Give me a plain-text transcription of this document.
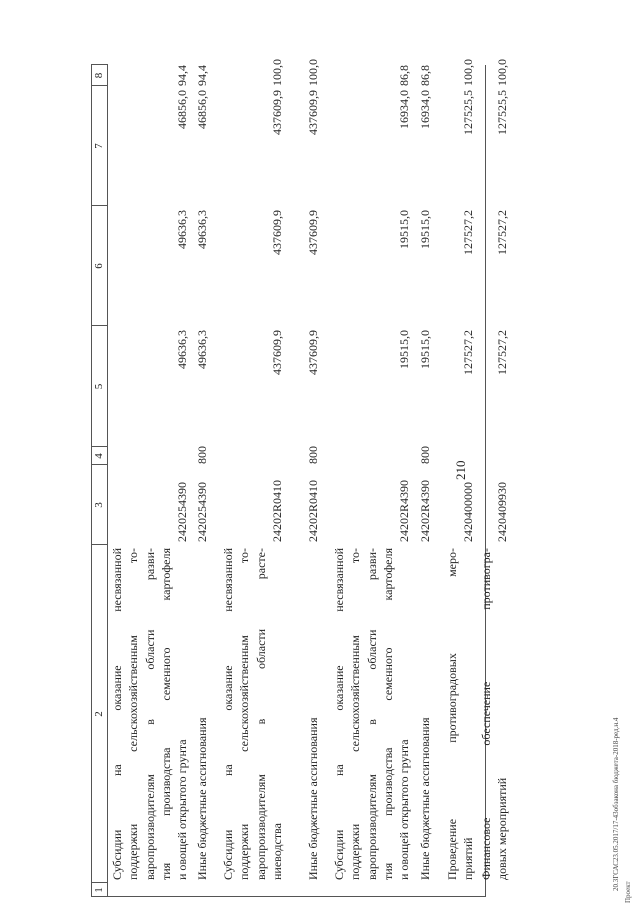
210
20.3ГСАС23.05.2017/17-43обзакона бюджета-2018-ред.н.4
Проект
1
2
3
4
5
6
7
8
Субсидии на оказание несвязанной поддержки сельскохозяйственным то- варопроизводителям в области разви- тия производства семенного картофеля и овощей открытого грунта
2420254390
49636,3
49636,3
46856,0
94,4
Иные бюджетные ассигнования
2420254390
800
49636,3
49636,3
46856,0
94,4
Субсидии на оказание несвязанной поддержки сельскохозяйственным то- варопроизводителям в области расте- ниеводства
24202R0410
437609,9
437609,9
437609,9
100,0
Иные бюджетные ассигнования
24202R0410
800
437609,9
437609,9
437609,9
100,0
Субсидии на оказание несвязанной поддержки сельскохозяйственным то- варопроизводителям в области разви- тия производства семенного картофеля и овощей открытого грунта
24202R4390
19515,0
19515,0
16934,0
86,8
Иные бюджетные ассигнования
24202R4390
800
19515,0
19515,0
16934,0
86,8
Проведение противоградовых меро- приятий
2420400000
127527,2
127527,2
127525,5
100,0
Финансовое обеспечение противогра- довых мероприятий
2420409930
127527,2
127527,2
127525,5
100,0
